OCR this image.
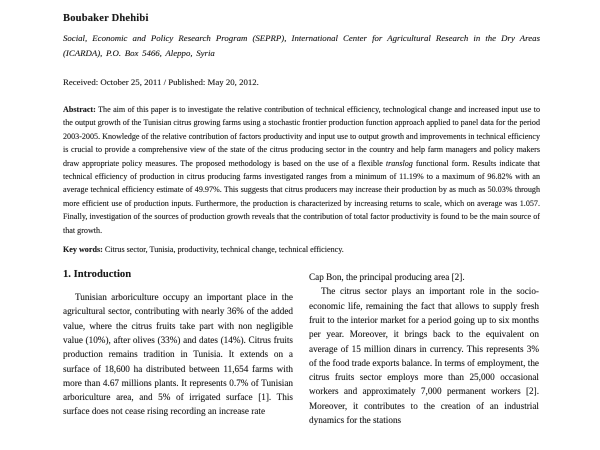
Boubaker Dhehibi
Social, Economic and Policy Research Program (SEPRP), International Center for Agricultural Research in the Dry Areas (ICARDA), P.O. Box 5466, Aleppo, Syria
Received: October 25, 2011 / Published: May 20, 2012.
Abstract: The aim of this paper is to investigate the relative contribution of technical efficiency, technological change and increased input use to the output growth of the Tunisian citrus growing farms using a stochastic frontier production function approach applied to panel data for the period 2003-2005. Knowledge of the relative contribution of factors productivity and input use to output growth and improvements in technical efficiency is crucial to provide a comprehensive view of the state of the citrus producing sector in the country and help farm managers and policy makers draw appropriate policy measures. The proposed methodology is based on the use of a flexible translog functional form. Results indicate that technical efficiency of production in citrus producing farms investigated ranges from a minimum of 11.19% to a maximum of 96.82% with an average technical efficiency estimate of 49.97%. This suggests that citrus producers may increase their production by as much as 50.03% through more efficient use of production inputs. Furthermore, the production is characterized by increasing returns to scale, which on average was 1.057. Finally, investigation of the sources of production growth reveals that the contribution of total factor productivity is found to be the main source of that growth.
Key words: Citrus sector, Tunisia, productivity, technical change, technical efficiency.
1. Introduction

Tunisian arboriculture occupy an important place in the agricultural sector, contributing with nearly 36% of the added value, where the citrus fruits take part with non negligible value (10%), after olives (33%) and dates (14%). Citrus fruits production remains tradition in Tunisia. It extends on a surface of 18,600 ha distributed between 11,654 farms with more than 4.67 millions plants. It represents 0.7% of Tunisian arboriculture area, and 5% of irrigated surface [1]. This surface does not cease rising recording an increase rate

Cap Bon, the principal producing area [2].

The citrus sector plays an important role in the socio-economic life, remaining the fact that allows to supply fresh fruit to the interior market for a period going up to six months per year. Moreover, it brings back to the equivalent on average of 15 million dinars in currency. This represents 3% of the food trade exports balance. In terms of employment, the citrus fruits sector employs more than 25,000 occasional workers and approximately 7,000 permanent workers [2]. Moreover, it contributes to the creation of an industrial dynamics for the stations
